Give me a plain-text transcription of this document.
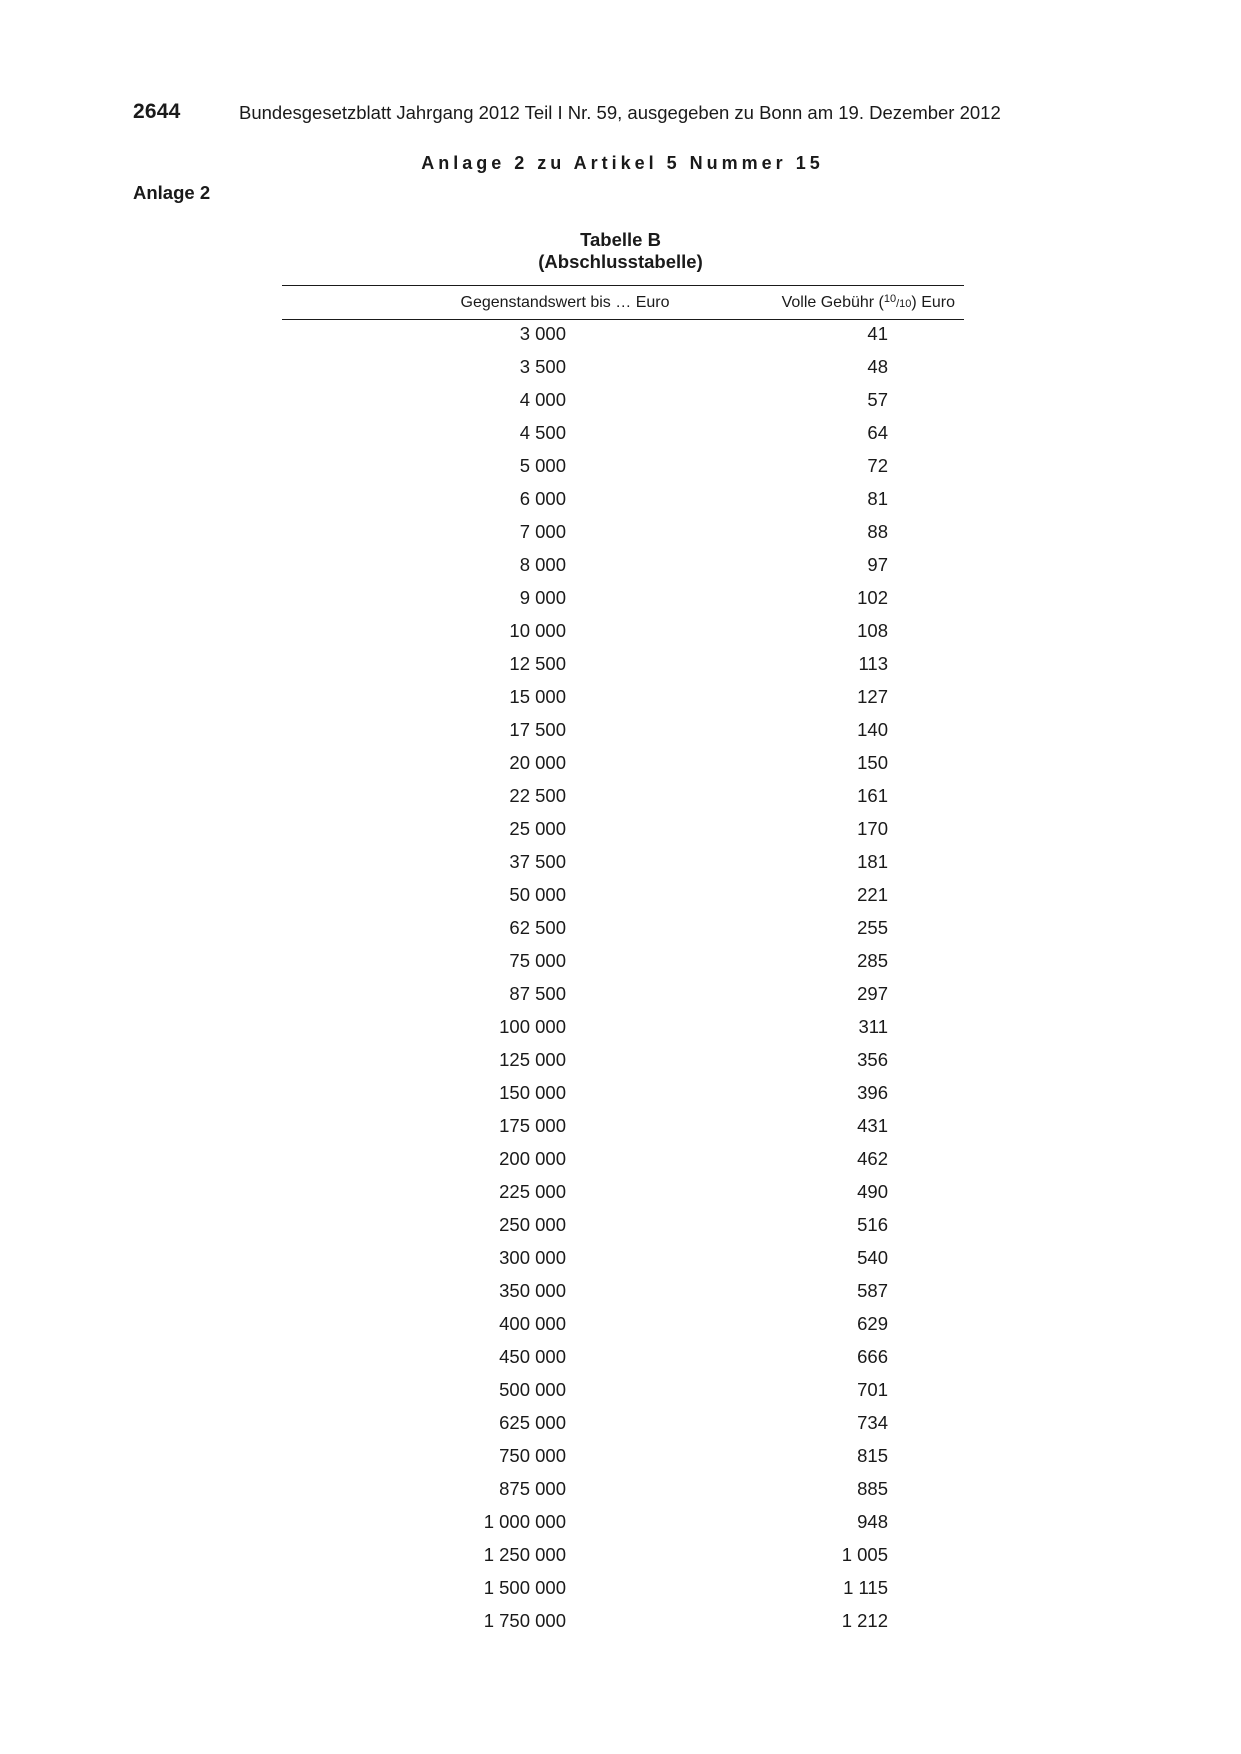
2644	Bundesgesetzblatt Jahrgang 2012 Teil I Nr. 59, ausgegeben zu Bonn am 19. Dezember 2012
Anlage 2 zu Artikel 5 Nummer 15
Anlage 2
Tabelle B
(Abschlusstabelle)
Gegenstandswert bis … Euro	Volle Gebühr ($^{10}$/10) Euro
3 000	41
3 500	48
4 000	57
4 500	64
5 000	72
6 000	81
7 000	88
8 000	97
9 000	102
10 000	108
12 500	113
15 000	127
17 500	140
20 000	150
22 500	161
25 000	170
37 500	181
50 000	221
62 500	255
75 000	285
87 500	297
100 000	311
125 000	356
150 000	396
175 000	431
200 000	462
225 000	490
250 000	516
300 000	540
350 000	587
400 000	629
450 000	666
500 000	701
625 000	734
750 000	815
875 000	885
1 000 000	948
1 250 000	1 005
1 500 000	1 115
1 750 000	1 212
